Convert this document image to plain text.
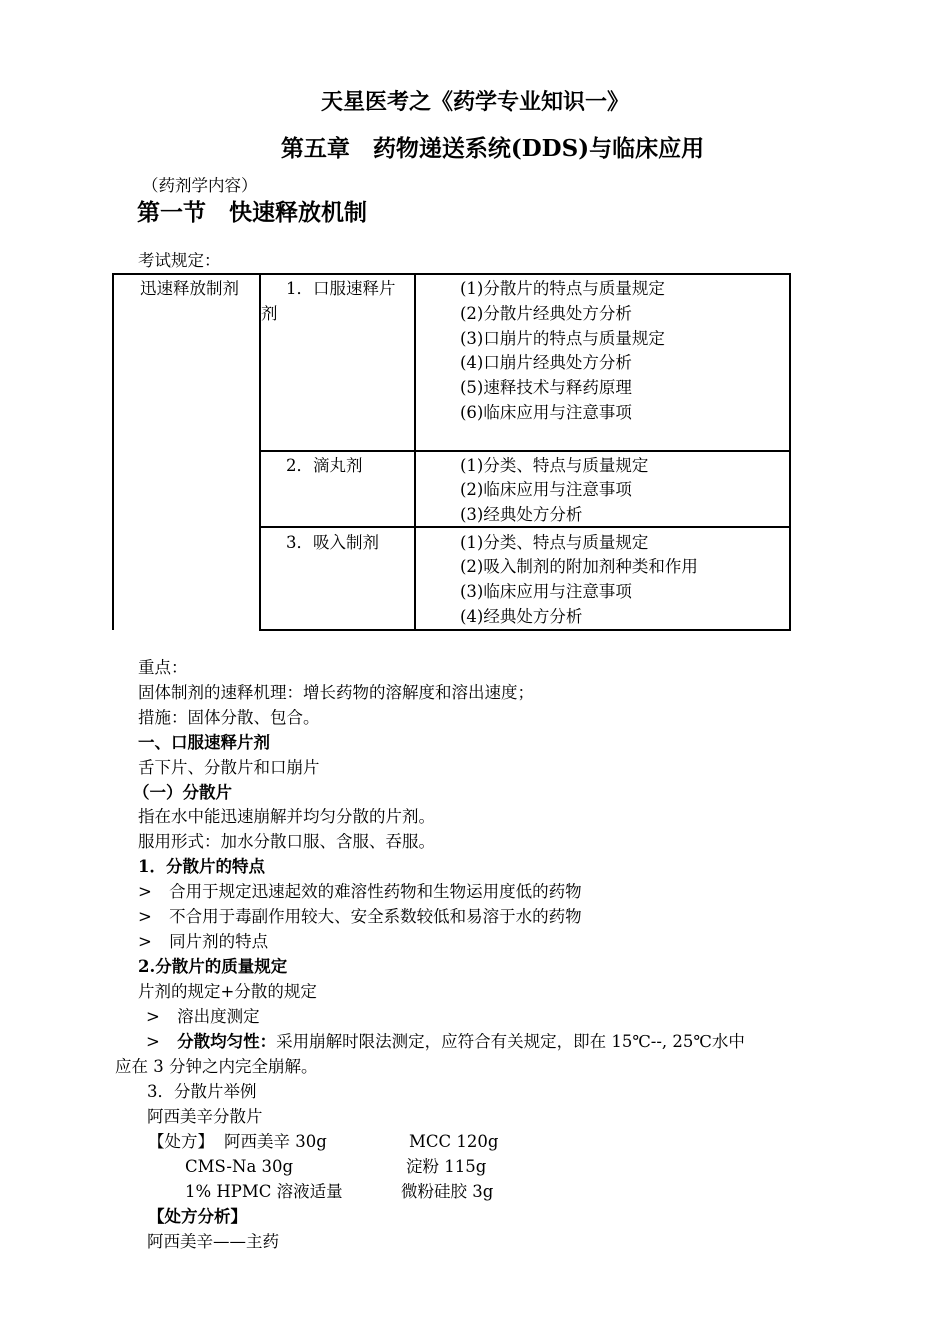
天星医考之《药学专业知识一》
第五章　药物递送系统(DDS)与临床应用
（药剂学内容）
第一节　快速释放机制
考试规定：
迅速释放制剂	1．口服速释片
剂
(1)分散片的特点与质量规定
(2)分散片经典处方分析
(3)口崩片的特点与质量规定
(4)口崩片经典处方分析
(5)速释技术与释药原理
(6)临床应用与注意事项
2．滴丸剂	(1)分类、特点与质量规定
(2)临床应用与注意事项
(3)经典处方分析
3．吸入制剂	(1)分类、特点与质量规定
(2)吸入制剂的附加剂种类和作用
(3)临床应用与注意事项
(4)经典处方分析
重点：
固体制剂的速释机理：增长药物的溶解度和溶出速度；
措施：固体分散、包合。
一、口服速释片剂
舌下片、分散片和口崩片
（一）分散片
指在水中能迅速崩解并均匀分散的片剂。
服用形式：加水分散口服、含服、吞服。
1．分散片的特点
> 合用于规定迅速起效的难溶性药物和生物运用度低的药物
> 不合用于毒副作用较大、安全系数较低和易溶于水的药物
> 同片剂的特点
2.分散片的质量规定
片剂的规定+分散的规定
> 溶出度测定
> 分散均匀性：采用崩解时限法测定，应符合有关规定，即在 15℃--, 25℃水中
应在 3 分钟之内完全崩解。
3．分散片举例
阿西美辛分散片
【处方】 阿西美辛 30g	MCC 120g
CMS-Na 30g	淀粉 115g
1% HPMC 溶液适量	微粉硅胶 3g
【处方分析】
阿西美辛——主药
